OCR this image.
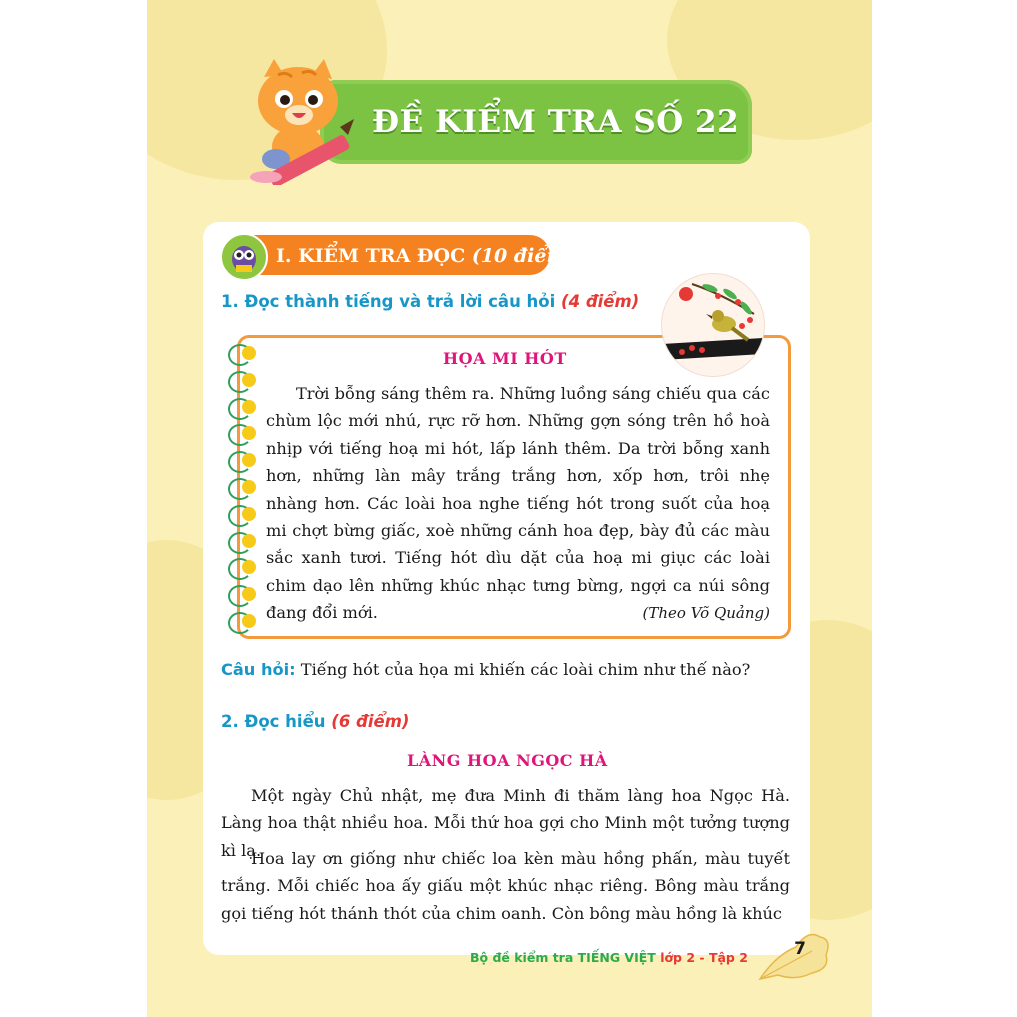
ĐỀ KIỂM TRA SỐ 22
I. KIỂM TRA ĐỌC (10 điểm)
1. Đọc thành tiếng và trả lời câu hỏi (4 điểm)
HỌA MI HÓT

Trời bỗng sáng thêm ra. Những luồng sáng chiếu qua các chùm lộc mới nhú, rực rỡ hơn. Những gợn sóng trên hồ hoà nhịp với tiếng hoạ mi hót, lấp lánh thêm. Da trời bỗng xanh hơn, những làn mây trắng trắng hơn, xốp hơn, trôi nhẹ nhàng hơn. Các loài hoa nghe tiếng hót trong suốt của hoạ mi chợt bừng giấc, xoè những cánh hoa đẹp, bày đủ các màu sắc xanh tươi. Tiếng hót dìu dặt của hoạ mi giục các loài chim dạo lên những khúc nhạc tưng bừng, ngợi ca núi sông đang đổi mới.	(Theo Võ Quảng)
Câu hỏi: Tiếng hót của họa mi khiến các loài chim như thế nào?
2. Đọc hiểu (6 điểm)
LÀNG HOA NGỌC HÀ

Một ngày Chủ nhật, mẹ đưa Minh đi thăm làng hoa Ngọc Hà. Làng hoa thật nhiều hoa. Mỗi thứ hoa gợi cho Minh một tưởng tượng kì lạ.

Hoa lay ơn giống như chiếc loa kèn màu hồng phấn, màu tuyết trắng. Mỗi chiếc hoa ấy giấu một khúc nhạc riêng. Bông màu trắng gọi tiếng hót thánh thót của chim oanh. Còn bông màu hồng là khúc

Bộ đề kiểm tra TIẾNG VIỆT lớp 2 - Tập 2	7
